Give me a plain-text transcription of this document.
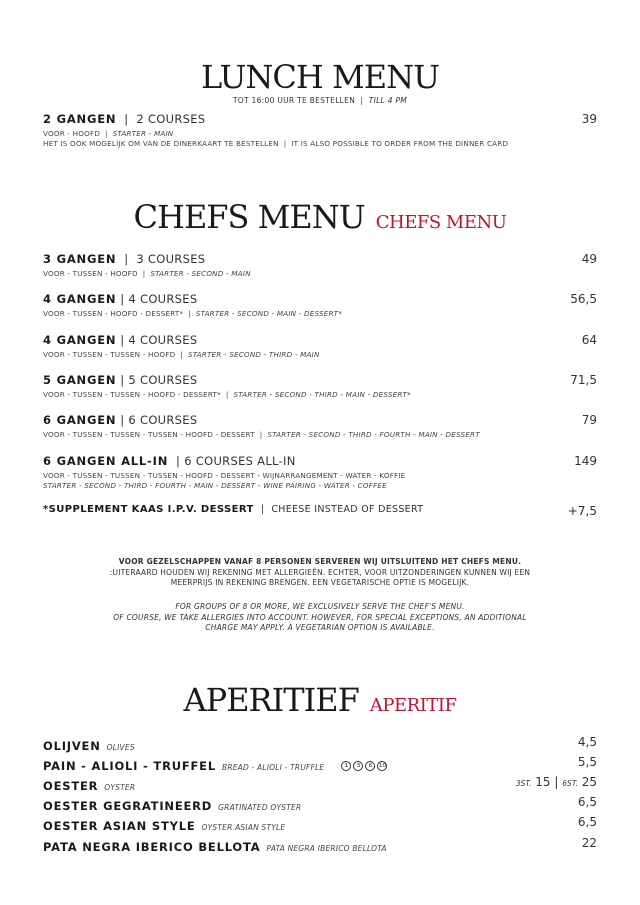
LUNCH MENU
TOT 16:00 UUR TE BESTELLEN | TILL 4 PM
2 GANGEN | 2 COURSES
VOOR - HOOFD | STARTER - MAIN
HET IS OOK MOGELIJK OM VAN DE DINERKAART TE BESTELLEN | IT IS ALSO POSSIBLE TO ORDER FROM THE DINNER CARD
39
CHEFS MENU CHEFS MENU
3 GANGEN | 3 COURSES
VOOR - TUSSEN - HOOFD | STARTER - SECOND - MAIN
49
4 GANGEN | 4 COURSES
VOOR - TUSSEN - HOOFD - DESSERT* | STARTER - SECOND - MAIN - DESSERT*
56,5
4 GANGEN | 4 COURSES
VOOR - TUSSEN - TUSSEN - HOOFD | STARTER - SECOND - THIRD - MAIN
64
5 GANGEN | 5 COURSES
VOOR - TUSSEN - TUSSEN - HOOFD - DESSERT* | STARTER - SECOND - THIRD - MAIN - DESSERT*
71,5
6 GANGEN | 6 COURSES
VOOR - TUSSEN - TUSSEN - TUSSEN - HOOFD - DESSERT | STARTER - SECOND - THIRD - FOURTH - MAIN - DESSERT
79
6 GANGEN ALL-IN | 6 COURSES ALL-IN
VOOR - TUSSEN - TUSSEN - TUSSEN - HOOFD - DESSERT - WIJNARRANGEMENT - WATER - KOFFIE
STARTER - SECOND - THIRD - FOURTH - MAIN - DESSERT - WINE PAIRING - WATER - COFFEE
149
*SUPPLEMENT KAAS I.P.V. DESSERT | CHEESE INSTEAD OF DESSERT	+7,5
VOOR GEZELSCHAPPEN VANAF 8 PERSONEN SERVEREN WIJ UITSLUITEND HET CHEFS MENU.
:UITERAARD HOUDEN WIJ REKENING MET ALLERGIEËN. ECHTER, VOOR UITZONDERINGEN KUNNEN WIJ EEN
MEERPRIJS IN REKENING BRENGEN. EEN VEGETARISCHE OPTIE IS MOGELIJK.
FOR GROUPS OF 8 OR MORE, WE EXCLUSIVELY SERVE THE CHEF'S MENU.
OF COURSE, WE TAKE ALLERGIES INTO ACCOUNT. HOWEVER, FOR SPECIAL EXCEPTIONS, AN ADDITIONAL
CHARGE MAY APPLY. A VEGETARIAN OPTION IS AVAILABLE.
APERITIEF APERITIF
OLIJVEN OLIVES	4,5
PAIN - ALIOLI - TRUFFEL BREAD - ALIOLI - TRUFFLE	1	3	6	10	5,5
OESTER OYSTER	3ST. 15 | 6ST. 25
OESTER GEGRATINEERD GRATINATED OYSTER	6,5
OESTER ASIAN STYLE OYSTER ASIAN STYLE	6,5
PATA NEGRA IBERICO BELLOTA PATA NEGRA IBERICO BELLOTA	22
